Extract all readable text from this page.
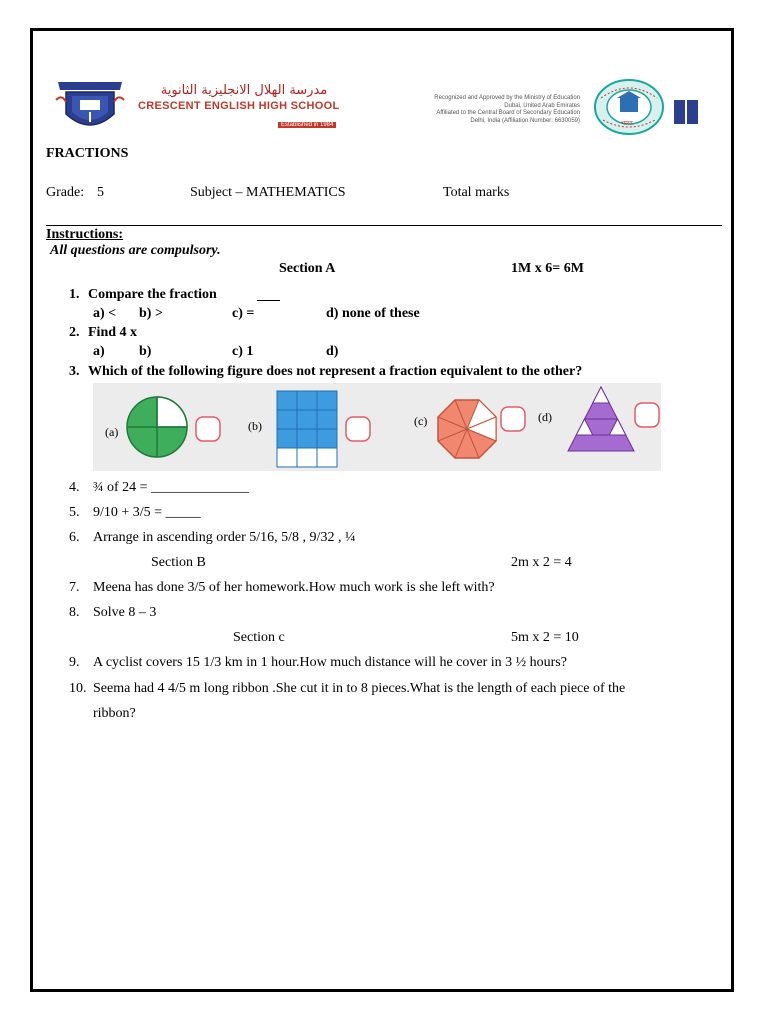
مدرسة الهلال الانجليزية الثانوية
CRESCENT ENGLISH HIGH SCHOOL
Established in 1984
Recognized and Approved by the Ministry of Education
Dubai, United Arab Emirates
Affiliated to the Central Board of Secondary Education
Delhi, India (Affiliation Number: 6630059)	भारत
FRACTIONS
Grade: 5	Subject – MATHEMATICS	Total marks
Instructions:
All questions are compulsory.
Section A	1M x 6= 6M
1. Compare the fraction
a) < b) >	c) =	d) none of these
2. Find 4 x
a) b)	c) 1	d)
3. Which of the following figure does not represent a fraction equivalent to the other?
(a)	(b)	(c)	(d)
4. ¾ of 24 = ______________
5. 9/10 + 3/5 = _____
6. Arrange in ascending order 5/16, 5/8 , 9/32 , ¼
Section B	2m x 2 = 4
7. Meena has done 3/5 of her homework.How much work is she left with?
8. Solve 8 – 3
Section c	5m x 2 = 10
9. A cyclist covers 15 1/3 km in 1 hour.How much distance will he cover in 3 ½ hours?
10. Seema had 4 4/5 m long ribbon .She cut it in to 8 pieces.What is the length of each piece of the
ribbon?
